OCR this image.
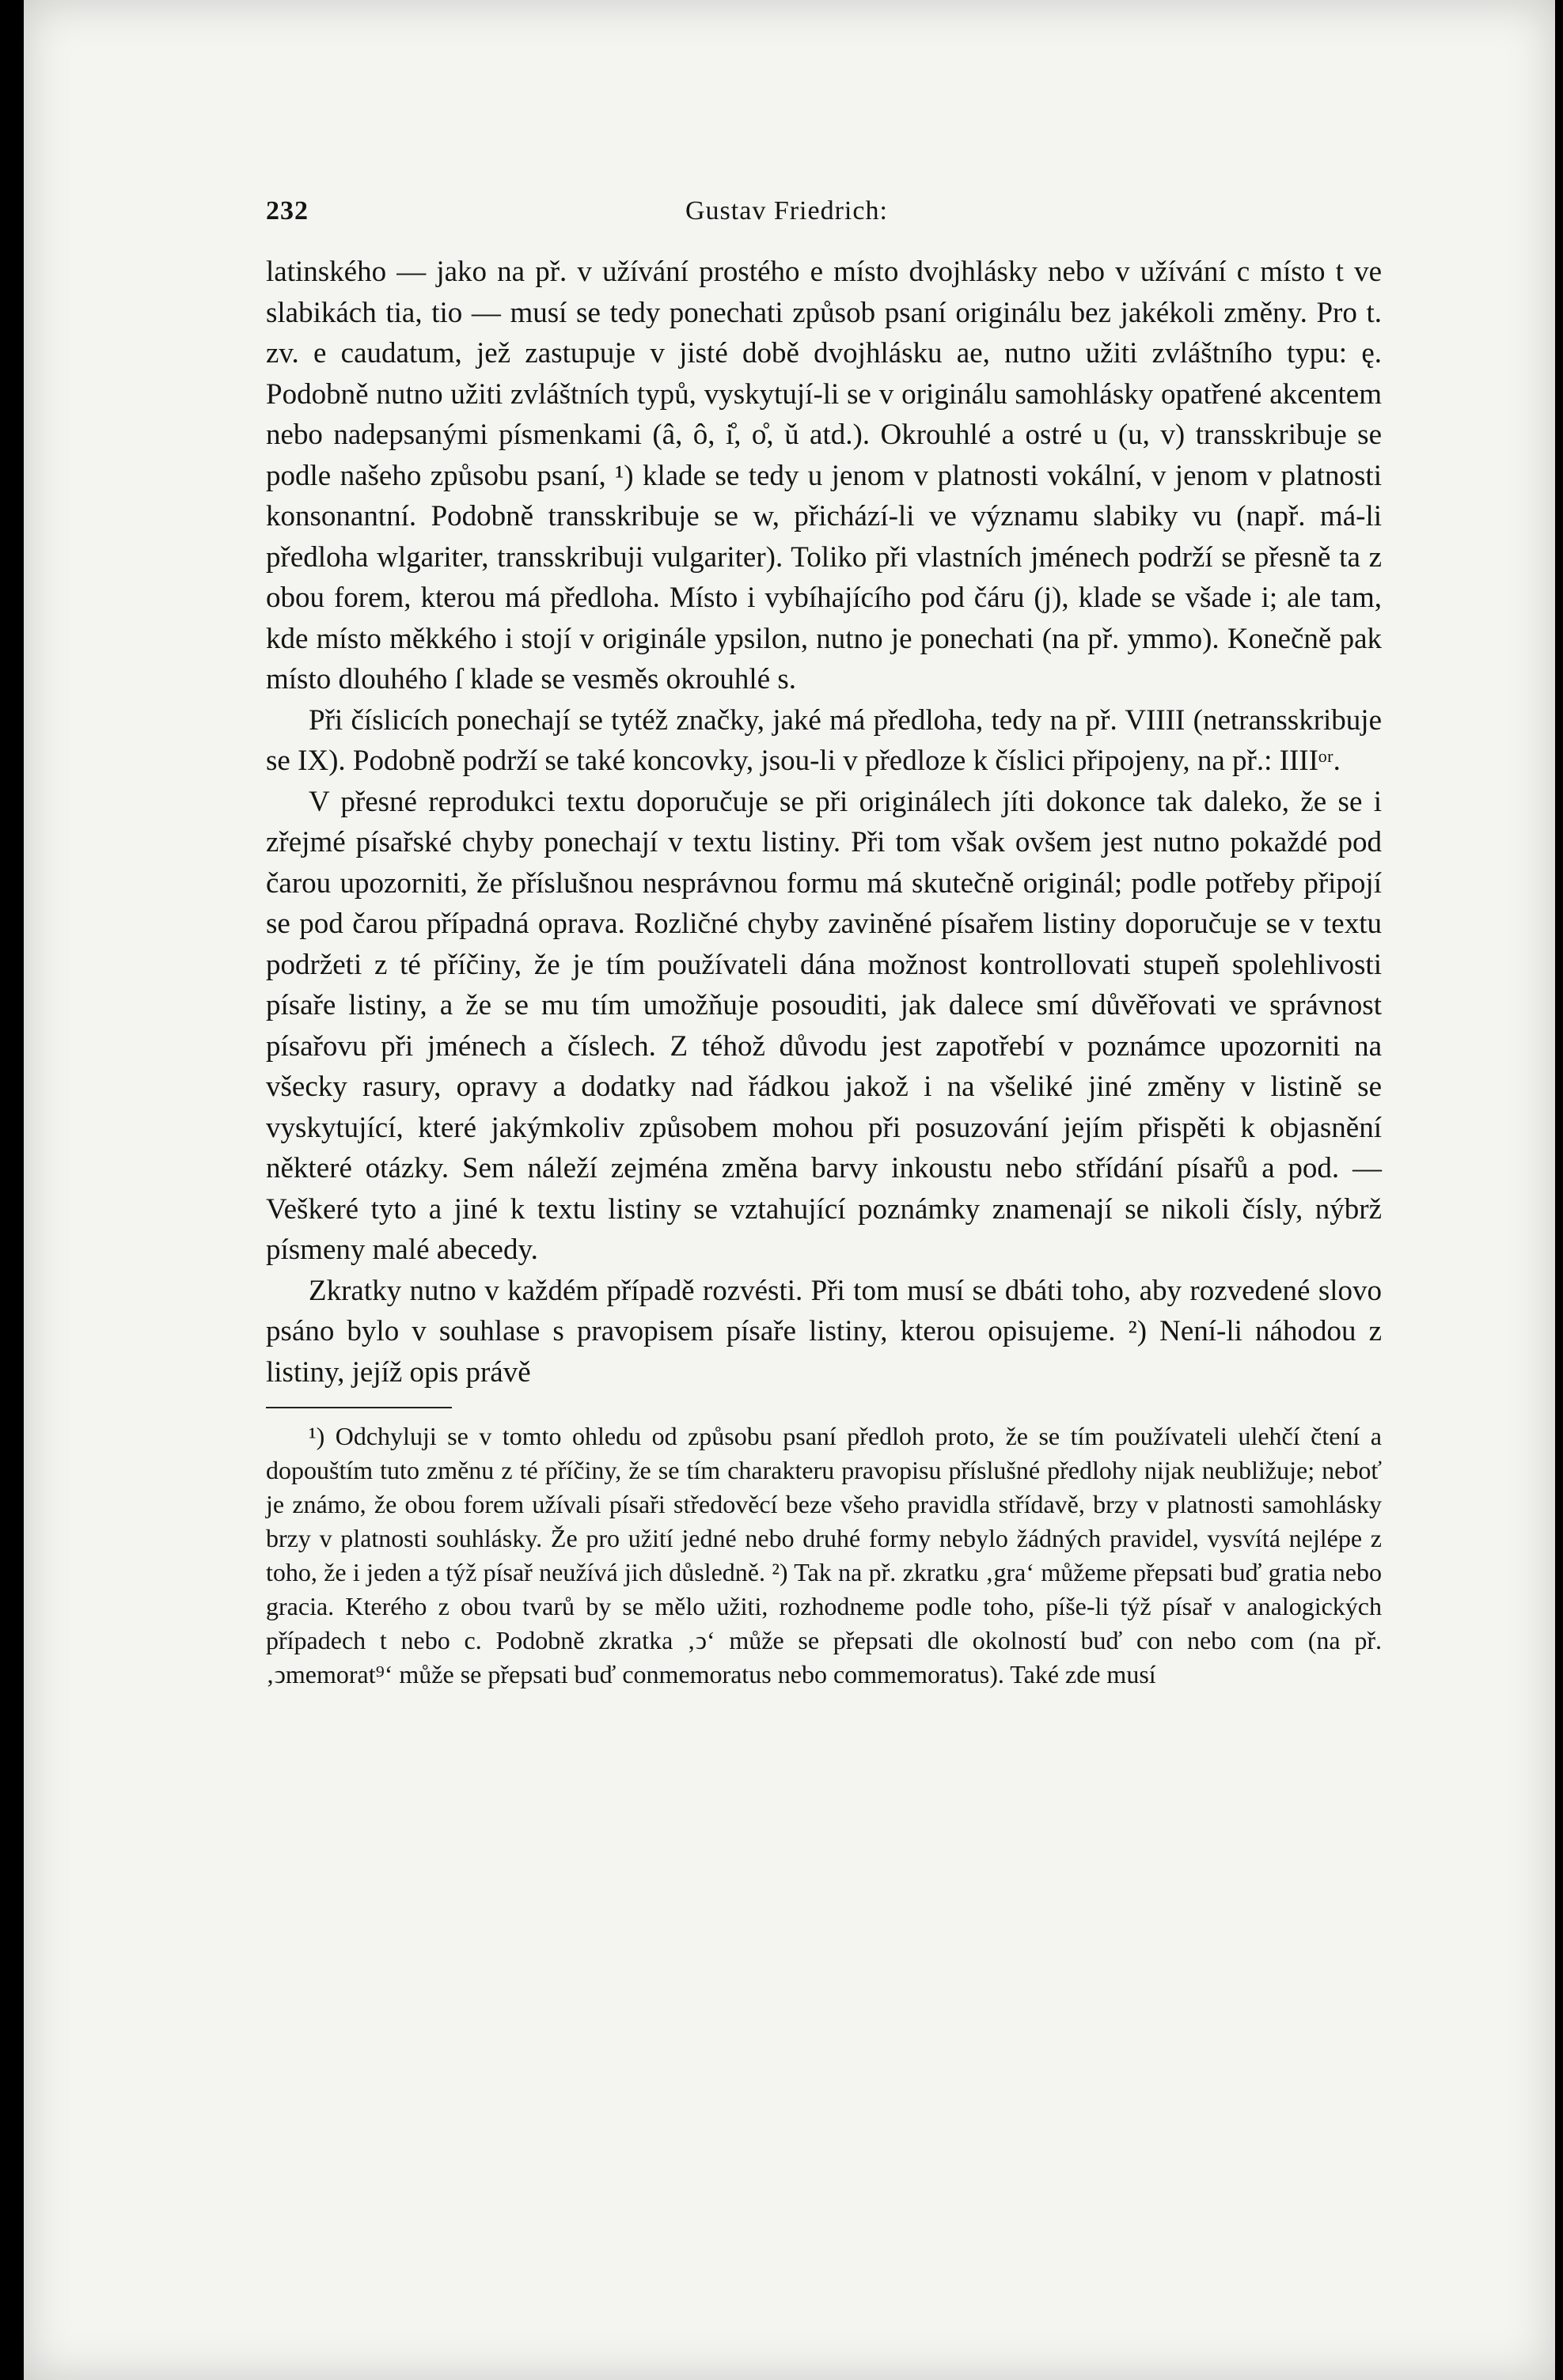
232	Gustav Friedrich:

latinského — jako na př. v užívání prostého e místo dvojhlásky nebo v užívání c místo t ve slabikách tia, tio — musí se tedy ponechati způsob psaní originálu bez jakékoli změny. Pro t. zv. e caudatum, jež zastupuje v jisté době dvojhlásku ae, nutno užiti zvláštního typu: ę. Podobně nutno užiti zvláštních typů, vyskytují-li se v originálu samohlásky opatřené akcentem nebo nadepsanými písmenkami (â, ô, i̊, o̊, ǔ atd.). Okrouhlé a ostré u (u, v) transskribuje se podle našeho způsobu psaní, ¹) klade se tedy u jenom v platnosti vokální, v jenom v platnosti konsonantní. Podobně transskribuje se w, přichází-li ve významu slabiky vu (např. má-li předloha wlgariter, transskribuji vulgariter). Toliko při vlastních jménech podrží se přesně ta z obou forem, kterou má předloha. Místo i vybíhajícího pod čáru (j), klade se všade i; ale tam, kde místo měkkého i stojí v originále ypsilon, nutno je ponechati (na př. ymmo). Konečně pak místo dlouhého ſ klade se vesměs okrouhlé s.

Při číslicích ponechají se tytéž značky, jaké má předloha, tedy na př. VIIII (netransskribuje se IX). Podobně podrží se také koncovky, jsou-li v předloze k číslici připojeny, na př.: IIIIᵒʳ.

V přesné reprodukci textu doporučuje se při originálech jíti dokonce tak daleko, že se i zřejmé písařské chyby ponechají v textu listiny. Při tom však ovšem jest nutno pokaždé pod čarou upozorniti, že příslušnou nesprávnou formu má skutečně originál; podle potřeby připojí se pod čarou případná oprava. Rozličné chyby zaviněné písařem listiny doporučuje se v textu podržeti z té příčiny, že je tím používateli dána možnost kontrollovati stupeň spolehlivosti písaře listiny, a že se mu tím umožňuje posouditi, jak dalece smí důvěřovati ve správnost písařovu při jménech a číslech. Z téhož důvodu jest zapotřebí v poznámce upozorniti na všecky rasury, opravy a dodatky nad řádkou jakož i na všeliké jiné změny v listině se vyskytující, které jakýmkoliv způsobem mohou při posuzování jejím přispěti k objasnění některé otázky. Sem náleží zejména změna barvy inkoustu nebo střídání písařů a pod. — Veškeré tyto a jiné k textu listiny se vztahující poznámky znamenají se nikoli čísly, nýbrž písmeny malé abecedy.

Zkratky nutno v každém případě rozvésti. Při tom musí se dbáti toho, aby rozvedené slovo psáno bylo v souhlase s pravopisem písaře listiny, kterou opisujeme. ²) Není-li náhodou z listiny, jejíž opis právě

¹) Odchyluji se v tomto ohledu od způsobu psaní předloh proto, že se tím používateli ulehčí čtení a dopouštím tuto změnu z té příčiny, že se tím charakteru pravopisu příslušné předlohy nijak neubližuje; neboť je známo, že obou forem užívali písaři středověcí beze všeho pravidla střídavě, brzy v platnosti samohlásky brzy v platnosti souhlásky. Že pro užití jedné nebo druhé formy nebylo žádných pravidel, vysvítá nejlépe z toho, že i jeden a týž písař neužívá jich důsledně. ²) Tak na př. zkratku ‚gra‘ můžeme přepsati buď gratia nebo gracia. Kterého z obou tvarů by se mělo užiti, rozhodneme podle toho, píše-li týž písař v analogických případech t nebo c. Podobně zkratka ‚ↄ‘ může se přepsati dle okolností buď con nebo com (na př. ‚ↄmemorat⁹‘ může se přepsati buď conmemoratus nebo commemoratus). Také zde musí
